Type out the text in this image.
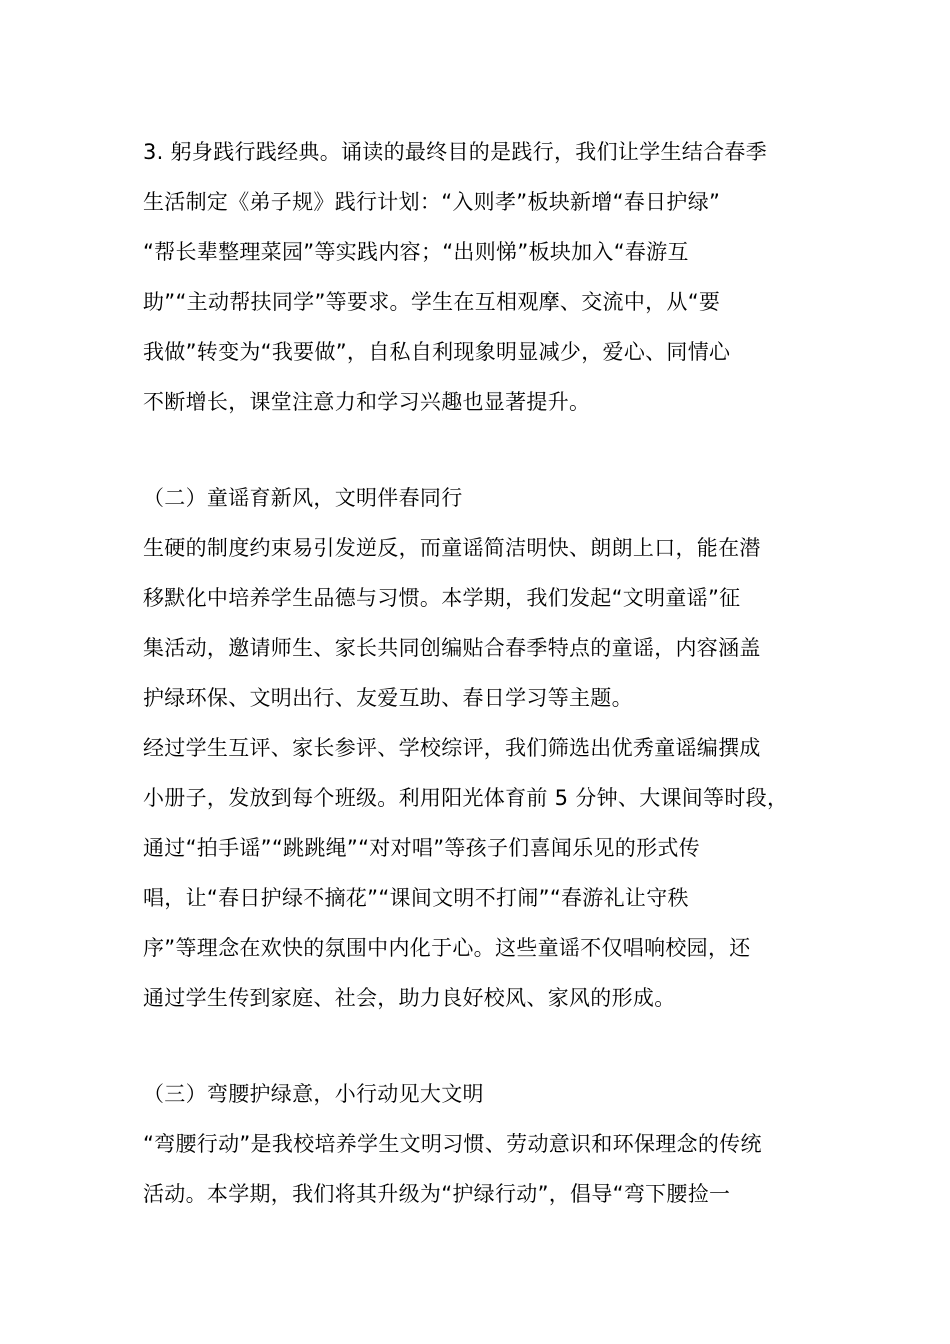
3. 躬身践行践经典。诵读的最终目的是践行，我们让学生结合春季
生活制定《弟子规》践行计划：“入则孝”板块新增“春日护绿”
“帮长辈整理菜园”等实践内容；“出则悌”板块加入“春游互
助”“主动帮扶同学”等要求。学生在互相观摩、交流中，从“要
我做”转变为“我要做”，自私自利现象明显减少，爱心、同情心
不断增长，课堂注意力和学习兴趣也显著提升。
（二）童谣育新风，文明伴春同行
生硬的制度约束易引发逆反，而童谣简洁明快、朗朗上口，能在潜
移默化中培养学生品德与习惯。本学期，我们发起“文明童谣”征
集活动，邀请师生、家长共同创编贴合春季特点的童谣，内容涵盖
护绿环保、文明出行、友爱互助、春日学习等主题。
经过学生互评、家长参评、学校综评，我们筛选出优秀童谣编撰成
小册子，发放到每个班级。利用阳光体育前 5 分钟、大课间等时段，
通过“拍手谣”“跳跳绳”“对对唱”等孩子们喜闻乐见的形式传
唱，让“春日护绿不摘花”“课间文明不打闹”“春游礼让守秩
序”等理念在欢快的氛围中内化于心。这些童谣不仅唱响校园，还
通过学生传到家庭、社会，助力良好校风、家风的形成。
（三）弯腰护绿意，小行动见大文明
“弯腰行动”是我校培养学生文明习惯、劳动意识和环保理念的传统
活动。本学期，我们将其升级为“护绿行动”，倡导“弯下腰捡一
